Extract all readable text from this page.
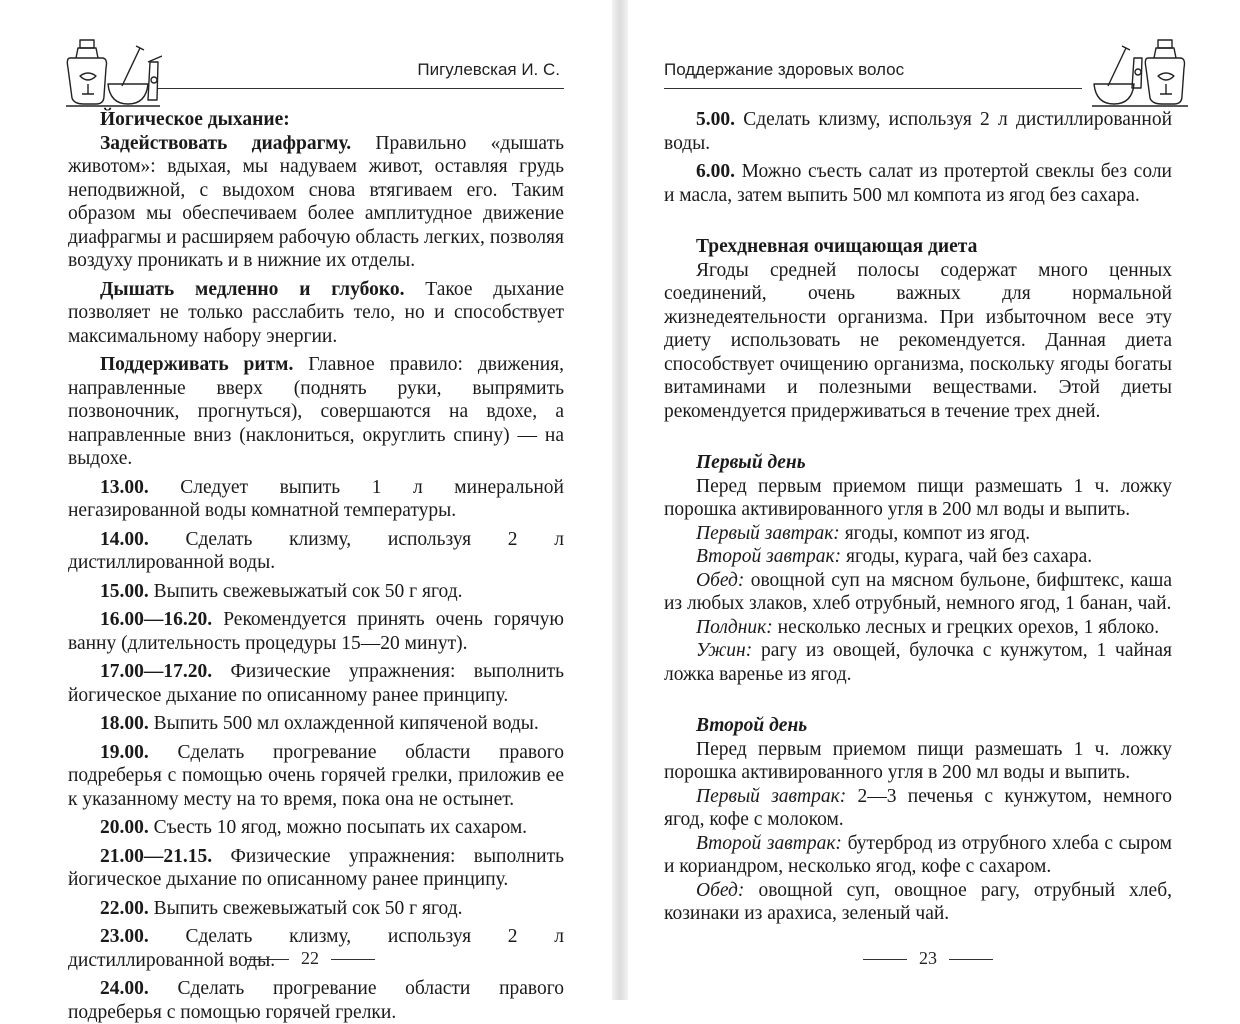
Пигулевская И. С.

Йогическое дыхание:

Задействовать диафрагму. Правильно «дышать животом»: вдыхая, мы надуваем живот, оставляя грудь неподвижной, с выдохом снова втягиваем его. Таким образом мы обеспечиваем более амплитудное движение диафрагмы и расширяем рабочую область легких, позволяя воздуху проникать и в нижние их отделы.

Дышать медленно и глубоко. Такое дыхание позволяет не только расслабить тело, но и способствует максимальному набору энергии.

Поддерживать ритм. Главное правило: движения, направленные вверх (поднять руки, выпрямить позвоночник, прогнуться), совершаются на вдохе, а направленные вниз (наклониться, округлить спину) — на выдохе.

13.00. Следует выпить 1 л минеральной негазированной воды комнатной температуры.

14.00. Сделать клизму, используя 2 л дистиллированной воды.

15.00. Выпить свежевыжатый сок 50 г ягод.

16.00—16.20. Рекомендуется принять очень горячую ванну (длительность процедуры 15—20 минут).

17.00—17.20. Физические упражнения: выполнить йогическое дыхание по описанному ранее принципу.

18.00. Выпить 500 мл охлажденной кипяченой воды.

19.00. Сделать прогревание области правого подреберья с помощью очень горячей грелки, приложив ее к указанному месту на то время, пока она не остынет.

20.00. Съесть 10 ягод, можно посыпать их сахаром.

21.00—21.15. Физические упражнения: выполнить йогическое дыхание по описанному ранее принципу.

22.00. Выпить свежевыжатый сок 50 г ягод.

23.00. Сделать клизму, используя 2 л дистиллированной воды.

24.00. Сделать прогревание области правого подреберья с помощью горячей грелки.

22
Поддержание здоровых волос

5.00. Сделать клизму, используя 2 л дистиллированной воды.

6.00. Можно съесть салат из протертой свеклы без соли и масла, затем выпить 500 мл компота из ягод без сахара.

Трехдневная очищающая диета

Ягоды средней полосы содержат много ценных соединений, очень важных для нормальной жизнедеятельности организма. При избыточном весе эту диету использовать не рекомендуется. Данная диета способствует очищению организма, поскольку ягоды богаты витаминами и полезными веществами. Этой диеты рекомендуется придерживаться в течение трех дней.

Первый день

Перед первым приемом пищи размешать 1 ч. ложку порошка активированного угля в 200 мл воды и выпить.

Первый завтрак: ягоды, компот из ягод.

Второй завтрак: ягоды, курага, чай без сахара.

Обед: овощной суп на мясном бульоне, бифштекс, каша из любых злаков, хлеб отрубный, немного ягод, 1 банан, чай.

Полдник: несколько лесных и грецких орехов, 1 яблоко.

Ужин: рагу из овощей, булочка с кунжутом, 1 чайная ложка варенье из ягод.

Второй день

Перед первым приемом пищи размешать 1 ч. ложку порошка активированного угля в 200 мл воды и выпить.

Первый завтрак: 2—3 печенья с кунжутом, немного ягод, кофе с молоком.

Второй завтрак: бутерброд из отрубного хлеба с сыром и кориандром, несколько ягод, кофе с сахаром.

Обед: овощной суп, овощное рагу, отрубный хлеб, козинаки из арахиса, зеленый чай.

23
